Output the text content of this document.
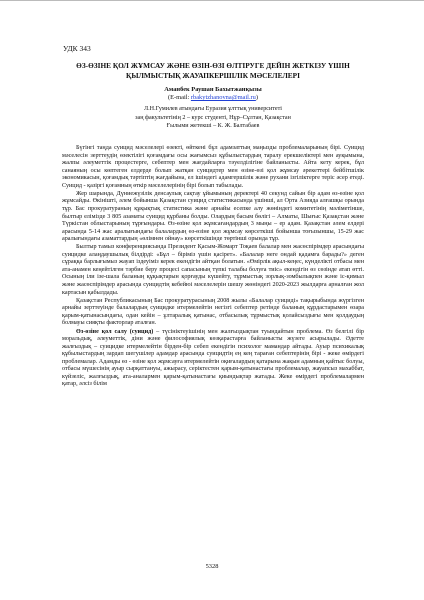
УДК 343
ӨЗ-ӨЗІНЕ ҚОЛ ЖҰМСАУ ЖӘНЕ ӨЗІН-ӨЗІ ӨЛТІРУГЕ ДЕЙІН ЖЕТКІЗУ ҮШІН
ҚЫЛМЫСТЫҚ ЖАУАПКЕРШІЛІК МӘСЕЛЕЛЕРІ
Аманбек Раушан Бахытжанқызы
(E-mail: rbakytzhanovna@mail.ru)
Л.Н.Гумилев атындағы Еуразия ұлттық университеті
заң факультетінің 2 – курс студенті, Нұр–Сұлтан, Қазақстан
Ғылыми жетекші – К. Ж. Балтабаев

Бүгінгі таңда суицид мәселелері өзекті, өйткені бұл адамзаттың маңызды проблемаларының бірі. Суицид мәселесін зерттеудің өзектілігі қоғамдағы осы жағымсыз құбылыстардың таралу ерекшеліктері мен ауқымына, жалпы әлеуметтік процестерге, себептер мен жағдайларға тәуелділігіне байланысты. Айта кету керек, бұл санаяның осы көптеген елдерде болып жатқан суицидтер мен өзіне-өзі қол жұмсау әрекеттері бейбітшілік экономикасын, қоғамдық тәртіптің жағдайына, ел ішіндегі адамгершілік және рухани ізгіліктерге теріс әсер етеді. Суицид - қазіргі қоғамның өткір мәселелерінің бірі болып табылады.

Жер шарында, Дүниежүзілік денсаулық сақтау ұйымының деректері 40 секунд сайын бір адам өз-өзіне қол жұмсайды. Өкінішті, әлем бойынша Қазақстан суицид статистикасында үшінші, ал Орта Азияда алғашқы орында тұр. Бас прокуратураның құқықтық статистика және арнайы есепке алу жөніндегі комитетінің мәліметінше, былтыр елімізде 3 805 азаматы суицид құрбаны болды. Олардың басым бөлігі – Алматы, Шығыс Қазақстан және Түркістан облыстарының тұрғындары. Өз-өзіне қол жұмсағандардың 3 мыңы – ер адам. Қазақстан әлем елдері арасында 5-14 жас аралығындағы балалардың өз-өзіне қол жұмсау көрсеткіші бойынша тоғызыншы, 15-29 жас аралығындағы азаматтардың «өлімнен ойнау» көрсеткішінде төртінші орында тұр.

Былтыр тамыз конференциясында Президент Қасым-Жомарт Тоқаев балалар мен жасөспірімдер арасындағы суицидке алаңдаушылық білдірді: «Бұл – біріміз үшін қасірет». «Балалар неге ондай қадамға барады?» деген сұраққа барлығымыз жауап іздеуіміз керек екендігін айтқан болатын. «Өмірлік ақыл-кеңес, күнделікті отбасы мен ата-анамен кеңейтілген тәрбие беру процесі сапасының түпкі талабы болуға тиіс» екендігін өз сөзінде атап өтті. Осының іли ізе-шала баланың құқықтарын қорғауды күшейту, тұрмыстық зорлық-зомбылықпен және іс-қимыл және жасөспірімдер арасында суицидтің кебейюі мәселелерін шешу жөніндегі 2020-2023 жылдарға арналған жол картасын қабылдады.

Қазақстан Республикасының Бас прокуратурасының 2008 жылы «Балалар суициді» тақырыбында жүргізген арнайы зерттеуінде балалардың суицидке итермелейтін негізгі себептер ретінде баланың құрдастарымен өзара қарым-қатынасындағы, одан кейін – ұлтаралық қатынас, отбасылық тұрмыстық қолайсыздығы мен қолдаудың болмауы сияқты факторлар аталған.

Өз-өзіне қол салу (суицид) – түсініктеуішінің мен жалғыздықтан туындайтын проблема. Өз белгілі бір моральдық, әлеуметтік, діни және философиялық көзқарастарға байланысты жүзеге асырылады. Әдетте жалғыздық – суицидке итермелейтін бірден-бір себеп екендігін психолог мамандар айтады. Ауыр психикалық құбылыстардың зардап шегушілер адамдар арасында суицидтің ең кең тараған себептерінің бірі - жеке өмірдегі проблемалар. Адамды өз - өзіне қол жұмсауға итермелейтін оқиғалардың қатарына жақын адамның қайтыс болуы, отбасы мүшесінің ауыр сырқаттануы, ажырасу, серіктестен қарым-қатынастағы проблемалар, жауапсыз махаббат, күйзеліс, жалғыздық, ата-аналармен қарым-қатынастағы қиындықтар жатады. Жеке өмірдегі проблемалармен қатар, әлсіз білім

5328
